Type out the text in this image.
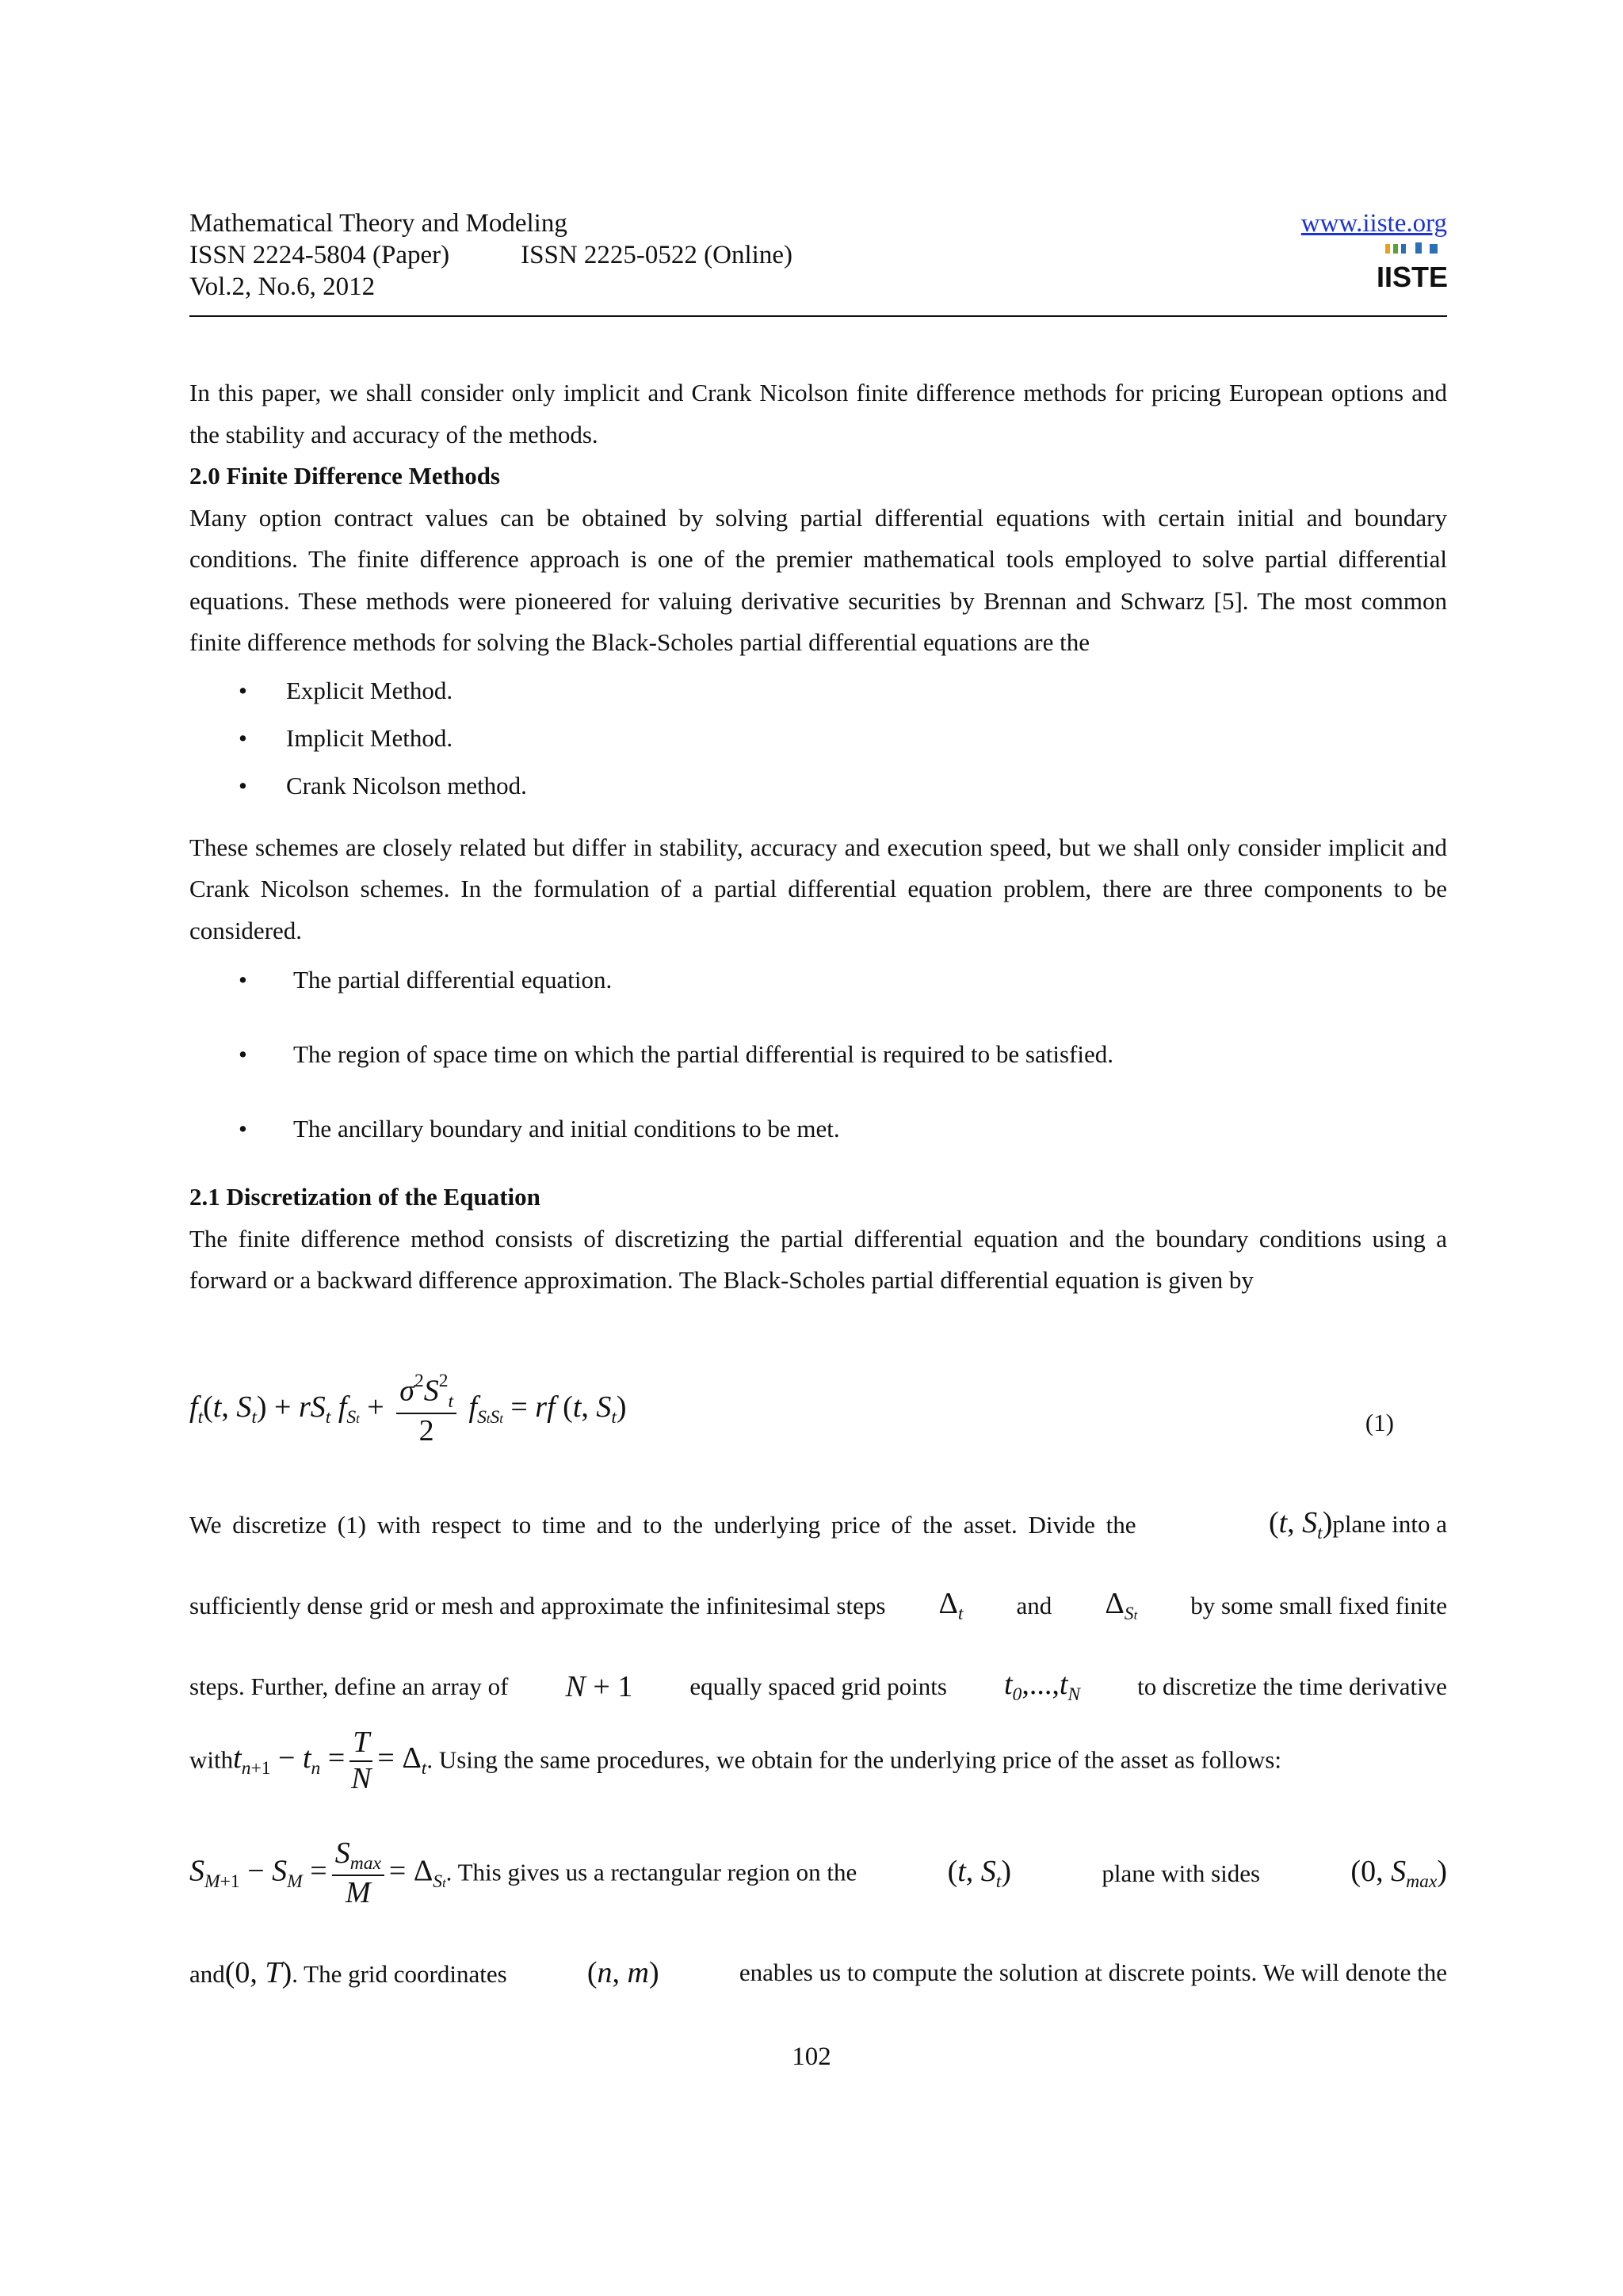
Mathematical Theory and Modeling
ISSN 2224-5804 (Paper)	ISSN 2225-0522 (Online)
Vol.2, No.6, 2012
www.iiste.org
IISTE

In this paper, we shall consider only implicit and Crank Nicolson finite difference methods for pricing European options and the stability and accuracy of the methods.

2.0 Finite Difference Methods

Many option contract values can be obtained by solving partial differential equations with certain initial and boundary conditions. The finite difference approach is one of the premier mathematical tools employed to solve partial differential equations. These methods were pioneered for valuing derivative securities by Brennan and Schwarz [5]. The most common finite difference methods for solving the Black-Scholes partial differential equations are the

• Explicit Method.
• Implicit Method.
• Crank Nicolson method.

These schemes are closely related but differ in stability, accuracy and execution speed, but we shall only consider implicit and Crank Nicolson schemes. In the formulation of a partial differential equation problem, there are three components to be considered.

• The partial differential equation.
• The region of space time on which the partial differential is required to be satisfied.
• The ancillary boundary and initial conditions to be met.

2.1 Discretization of the Equation

The finite difference method consists of discretizing the partial differential equation and the boundary conditions using a forward or a backward difference approximation. The Black-Scholes partial differential equation is given by

$f_t(t$, $S_t) + rS_t$ $f_{St} + \frac{\sigma^2S^2_t}{2} f_{StSt}$ = rf (t, $S_t$)	(1)
We discretize (1) with respect to time and to the underlying price of the asset. Divide the	(t, $S_t)plane$ into a
sufficiently dense grid or mesh and approximate the infinitesimal steps $\Delta_t$ and $\Delta_{St}$ by some small fixed finite
steps. Further, define an array of N + 1 equally spaced grid points $t_0,...,t_N$ to discretize the time derivative
witht$_{n+1}$ − $t_n = \frac{T}{N} = \Delta_t$. Using the same procedures, we obtain for the underlying price of the asset as follows:
$S_{M+1} - S_M = \frac{S_{max}}{M} = \Delta_{St}$. This gives us a rectangular region on the	(t, $S_t$)	plane with sides	(0, $S_{max}$)
and(0, T). The grid coordinates	(n, m)	enables us to compute the solution at discrete points. We will denote the
102
